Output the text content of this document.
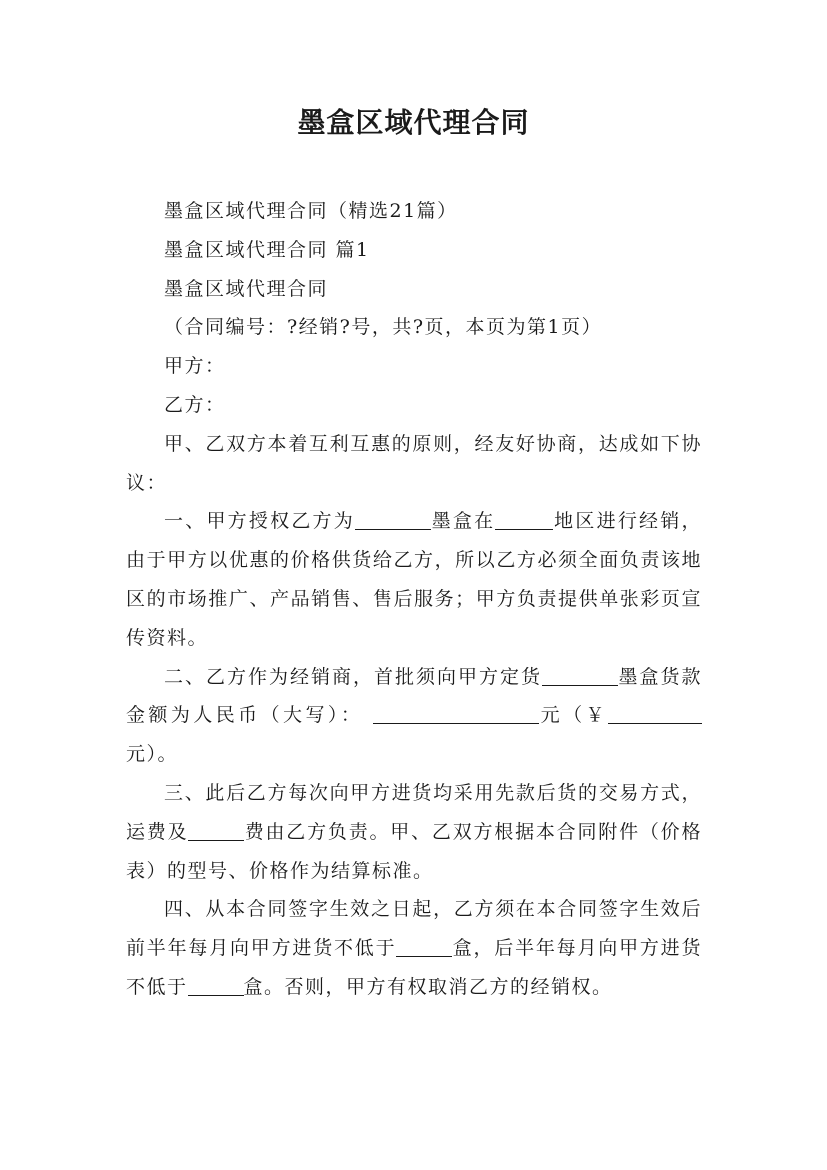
墨盒区域代理合同

墨盒区域代理合同（精选21篇）

墨盒区域代理合同 篇1

墨盒区域代理合同

（合同编号：?经销?号，共?页，本页为第1页）

甲方：

乙方：

甲、乙双方本着互利互惠的原则，经友好协商，达成如下协议：

一、甲方授权乙方为	墨盒在	地区进行经销，由于甲方以优惠的价格供货给乙方，所以乙方必须全面负责该地区的市场推广、产品销售、售后服务；甲方负责提供单张彩页宣传资料。

二、乙方作为经销商，首批须向甲方定货	墨盒货款金额为人民币（大写）：	元（￥元）。

三、此后乙方每次向甲方进货均采用先款后货的交易方式，运费及	费由乙方负责。甲、乙双方根据本合同附件（价格表）的型号、价格作为结算标准。

四、从本合同签字生效之日起，乙方须在本合同签字生效后前半年每月向甲方进货不低于	盒，后半年每月向甲方进货不低于	盒。否则，甲方有权取消乙方的经销权。
